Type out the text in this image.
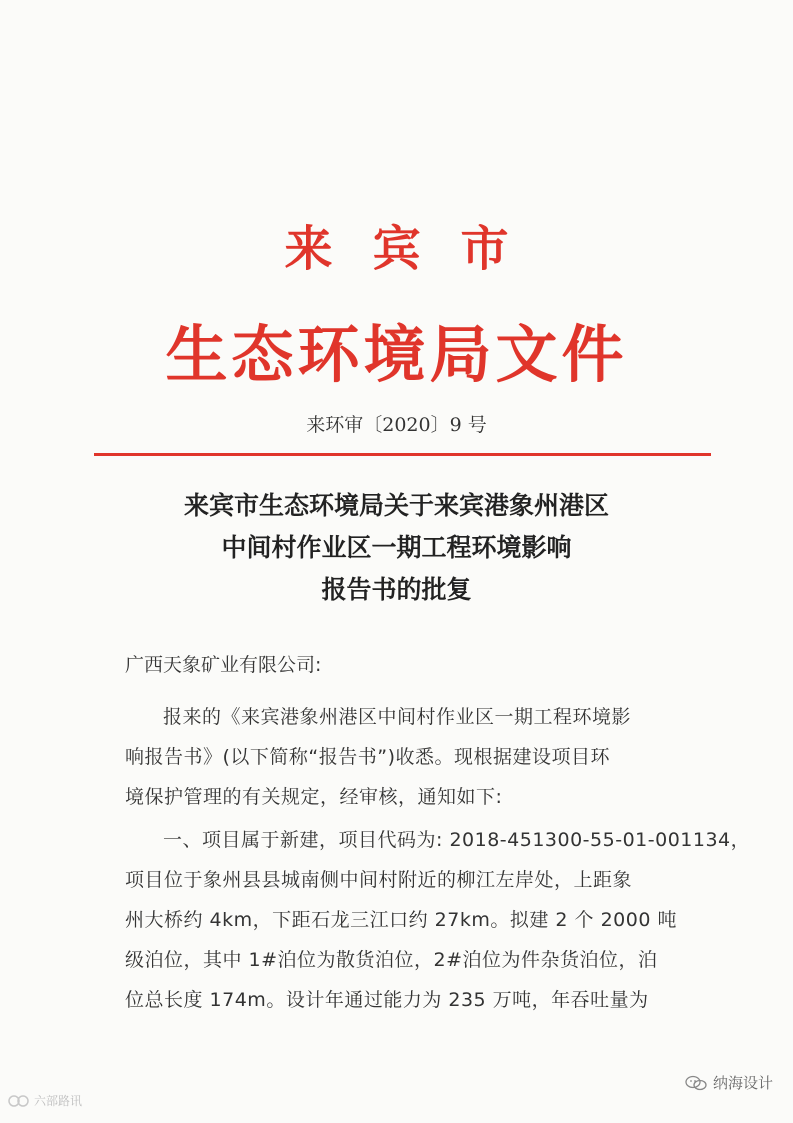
来宾市
生态环境局文件
来环审〔2020〕9 号
来宾市生态环境局关于来宾港象州港区
中间村作业区一期工程环境影响
报告书的批复
广西天象矿业有限公司:
报来的《来宾港象州港区中间村作业区一期工程环境影
响报告书》(以下简称“报告书”)收悉。现根据建设项目环
境保护管理的有关规定，经审核，通知如下:
一、项目属于新建，项目代码为: 2018-451300-55-01-001134，
项目位于象州县县城南侧中间村附近的柳江左岸处，上距象
州大桥约 4km，下距石龙三江口约 27km。拟建 2 个 2000 吨
级泊位，其中 1#泊位为散货泊位，2#泊位为件杂货泊位，泊
位总长度 174m。设计年通过能力为 235 万吨，年吞吐量为
六部路讯
纳海设计
